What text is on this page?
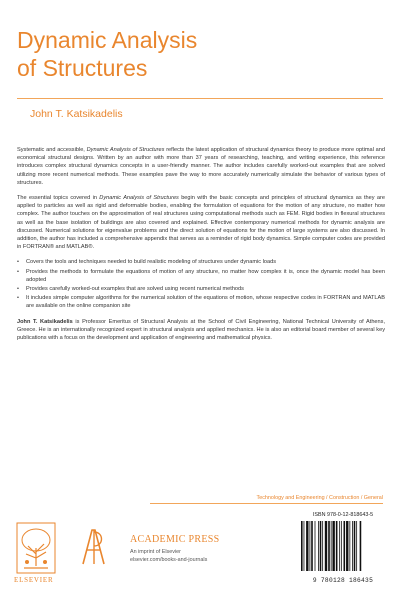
Dynamic Analysis
of Structures
John T. Katsikadelis

Systematic and accessible, Dynamic Analysis of Structures reflects the latest application of structural dynamics theory to produce more optimal and economical structural designs. Written by an author with more than 37 years of researching, teaching, and writing experience, this reference introduces complex structural dynamics concepts in a user-friendly manner. The author includes carefully worked-out examples that are solved utilizing more recent numerical methods. These examples pave the way to more accurately numerically simulate the behavior of various types of structures.

The essential topics covered in Dynamic Analysis of Structures begin with the basic concepts and principles of structural dynamics as they are applied to particles as well as rigid and deformable bodies, enabling the formulation of equations for the motion of any structure, no matter how complex. The author touches on the approximation of real structures using computational methods such as FEM. Rigid bodies in flexural structures as well as the base isolation of buildings are also covered and explained. Effective contemporary numerical methods for dynamic analysis are discussed. Numerical solutions for eigenvalue problems and the direct solution of equations for the motion of large systems are also discussed. In addition, the author has included a comprehensive appendix that serves as a reminder of rigid body dynamics. Simple computer codes are provided in FORTRAN® and MATLAB®.

• Covers the tools and techniques needed to build realistic modeling of structures under dynamic loads
• Provides the methods to formulate the equations of motion of any structure, no matter how complex it is, once the dynamic model has been adopted
• Provides carefully worked-out examples that are solved using recent numerical methods
• It includes simple computer algorithms for the numerical solution of the equations of motion, whose respective codes in FORTRAN and MATLAB are available on the online companion site

John T. Katsikadelis is Professor Emeritus of Structural Analysis at the School of Civil Engineering, National Technical University of Athens, Greece. He is an internationally recognized expert in structural analysis and applied mechanics. He is also an editorial board member of several key publications with a focus on the development and application of engineering and mathematical physics.

Technology and Engineering / Construction / General
ELSEVIER
ACADEMIC PRESS
An imprint of Elsevier
elsevier.com/books-and-journals
ISBN 978-0-12-818643-5
9 780128 186435
